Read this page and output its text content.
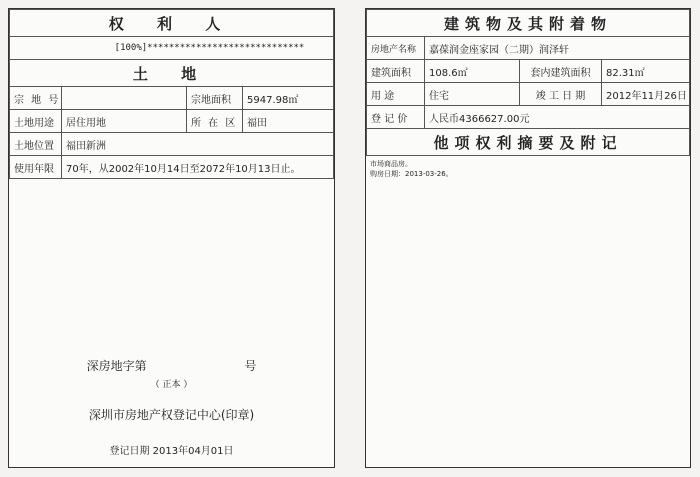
权 利 人			
[100%]*****************************			
土 地			
宗 地 号		宗地面积	5947.98㎡
土地用途	居住用地	所 在 区	福田
土地位置	福田新洲		
使用年限	70年，从2002年10月14日至2072年10月13日止。		
深房地字第	号
（ 正本 ）
深圳市房地产权登记中心(印章)
登记日期 2013年04月01日
建筑物及其附着物			
房地产名称	嘉葆润金座家园（二期）润泽轩		
建筑面积	108.6㎡	套内建筑面积	82.31㎡
用 途	住宅	竣 工 日 期	2012年11月26日
登 记 价	人民币4366627.00元		
他项权利摘要及附记			
市场商品房。
购房日期：2013-03-26。
